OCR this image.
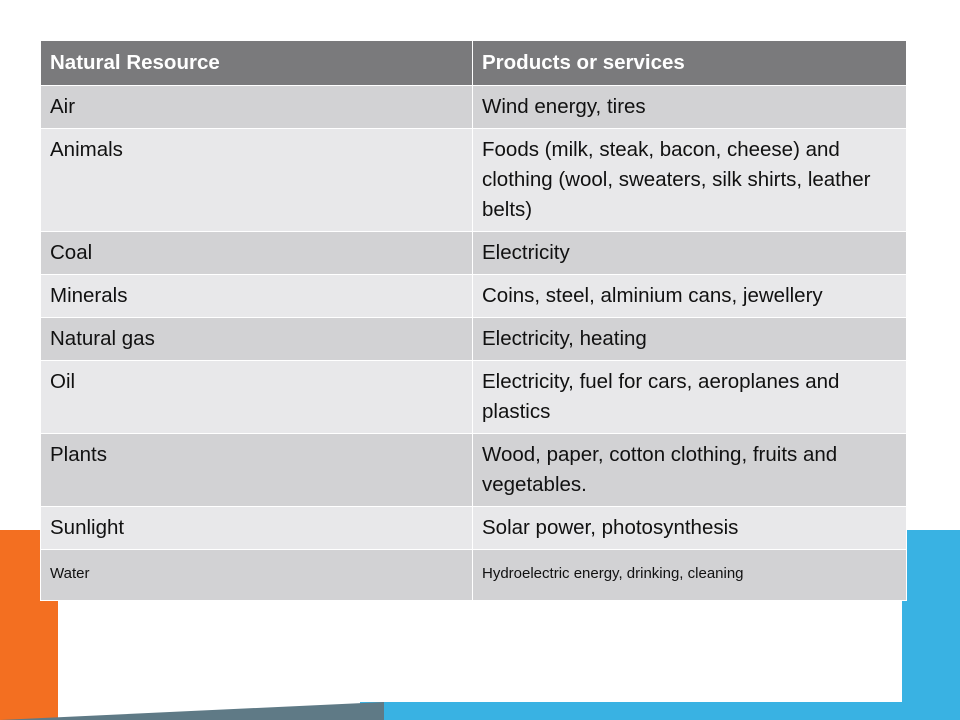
Natural Resource	Products or services
Air	Wind energy, tires
Animals	Foods (milk, steak, bacon, cheese) and clothing (wool, sweaters, silk shirts, leather belts)
Coal	Electricity
Minerals	Coins, steel, alminium cans, jewellery
Natural gas	Electricity, heating
Oil	Electricity, fuel for cars, aeroplanes and plastics
Plants	Wood, paper, cotton clothing, fruits and vegetables.
Sunlight	Solar power, photosynthesis
Water	Hydroelectric energy, drinking, cleaning
